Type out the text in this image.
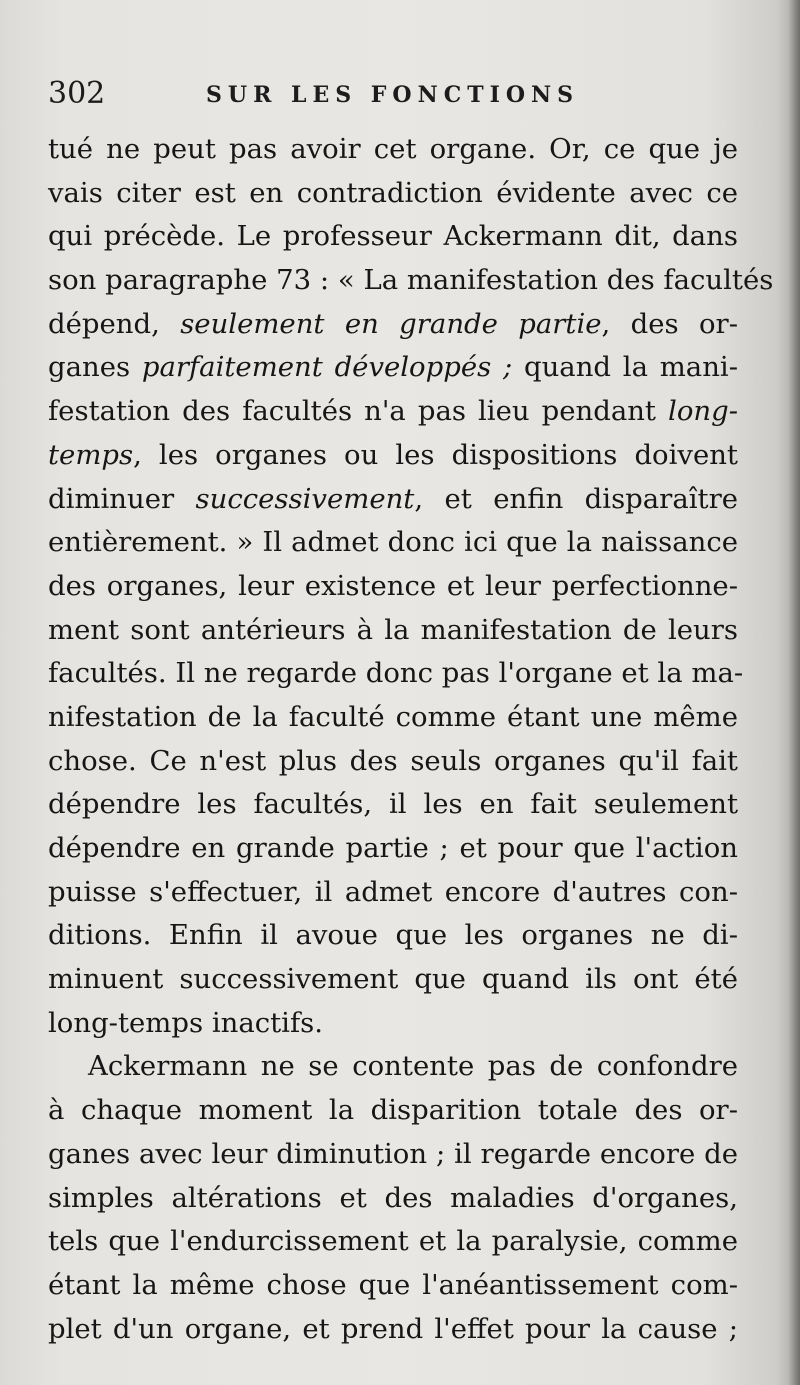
302	SUR LES FONCTIONS
tué ne peut pas avoir cet organe. Or, ce que je
vais citer est en contradiction évidente avec ce
qui précède. Le professeur Ackermann dit, dans
son paragraphe 73 : « La manifestation des facultés
dépend, seulement en grande partie, des or-
ganes parfaitement développés ; quand la mani-
festation des facultés n'a pas lieu pendant long-
temps, les organes ou les dispositions doivent
diminuer successivement, et enfin disparaître
entièrement. » Il admet donc ici que la naissance
des organes, leur existence et leur perfectionne-
ment sont antérieurs à la manifestation de leurs
facultés. Il ne regarde donc pas l'organe et la ma-
nifestation de la faculté comme étant une même
chose. Ce n'est plus des seuls organes qu'il fait
dépendre les facultés, il les en fait seulement
dépendre en grande partie ; et pour que l'action
puisse s'effectuer, il admet encore d'autres con-
ditions. Enfin il avoue que les organes ne di-
minuent successivement que quand ils ont été
long-temps inactifs.
Ackermann ne se contente pas de confondre
à chaque moment la disparition totale des or-
ganes avec leur diminution ; il regarde encore de
simples altérations et des maladies d'organes,
tels que l'endurcissement et la paralysie, comme
étant la même chose que l'anéantissement com-
plet d'un organe, et prend l'effet pour la cause ;
